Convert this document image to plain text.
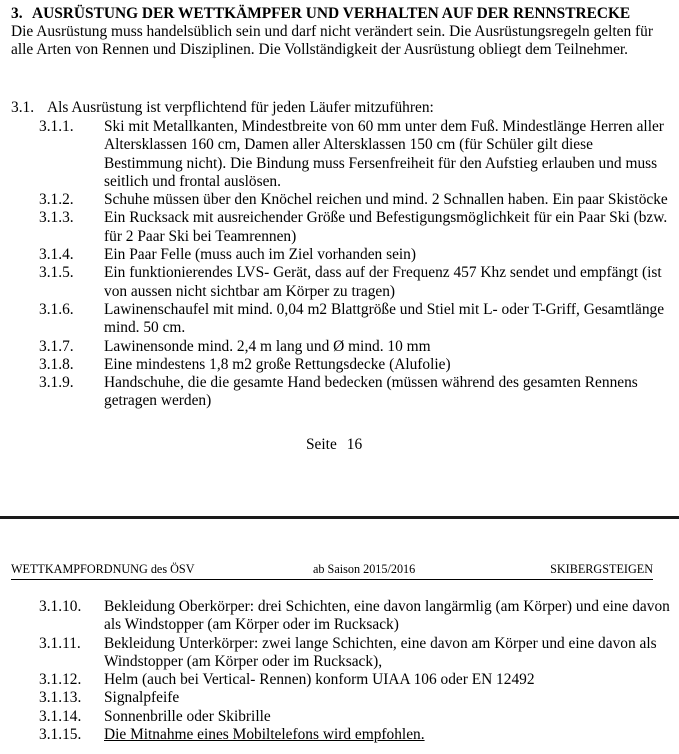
3. AUSRÜSTUNG DER WETTKÄMPFER UND VERHALTEN AUF DER RENNSTRECKE
Die Ausrüstung muss handelsüblich sein und darf nicht verändert sein. Die Ausrüstungsregeln gelten für alle Arten von Rennen und Disziplinen. Die Vollständigkeit der Ausrüstung obliegt dem Teilnehmer.
3.1. Als Ausrüstung ist verpflichtend für jeden Läufer mitzuführen:
3.1.1.	Ski mit Metallkanten, Mindestbreite von 60 mm unter dem Fuß. Mindestlänge Herren aller Altersklassen 160 cm, Damen aller Altersklassen 150 cm (für Schüler gilt diese Bestimmung nicht). Die Bindung muss Fersenfreiheit für den Aufstieg erlauben und muss seitlich und frontal auslösen.
3.1.2.	Schuhe müssen über den Knöchel reichen und mind. 2 Schnallen haben. Ein paar Skistöcke
3.1.3.	Ein Rucksack mit ausreichender Größe und Befestigungsmöglichkeit für ein Paar Ski (bzw. für 2 Paar Ski bei Teamrennen)
3.1.4.	Ein Paar Felle (muss auch im Ziel vorhanden sein)
3.1.5.	Ein funktionierendes LVS- Gerät, dass auf der Frequenz 457 Khz sendet und empfängt (ist von aussen nicht sichtbar am Körper zu tragen)
3.1.6.	Lawinenschaufel mit mind. 0,04 m2 Blattgröße und Stiel mit L- oder T-Griff, Gesamtlänge mind. 50 cm.
3.1.7.	Lawinensonde mind. 2,4 m lang und Ø mind. 10 mm
3.1.8.	Eine mindestens 1,8 m2 große Rettungsdecke (Alufolie)
3.1.9.	Handschuhe, die die gesamte Hand bedecken (müssen während des gesamten Rennens getragen werden)
Seite 16
WETTKAMPFORDNUNG des ÖSV	ab Saison 2015/2016	SKIBERGSTEIGEN
3.1.10.	Bekleidung Oberkörper: drei Schichten, eine davon langärmlig (am Körper) und eine davon als Windstopper (am Körper oder im Rucksack)
3.1.11.	Bekleidung Unterkörper: zwei lange Schichten, eine davon am Körper und eine davon als Windstopper (am Körper oder im Rucksack),
3.1.12.	Helm (auch bei Vertical- Rennen) konform UIAA 106 oder EN 12492
3.1.13.	Signalpfeife
3.1.14.	Sonnenbrille oder Skibrille
3.1.15.	Die Mitnahme eines Mobiltelefons wird empfohlen.
